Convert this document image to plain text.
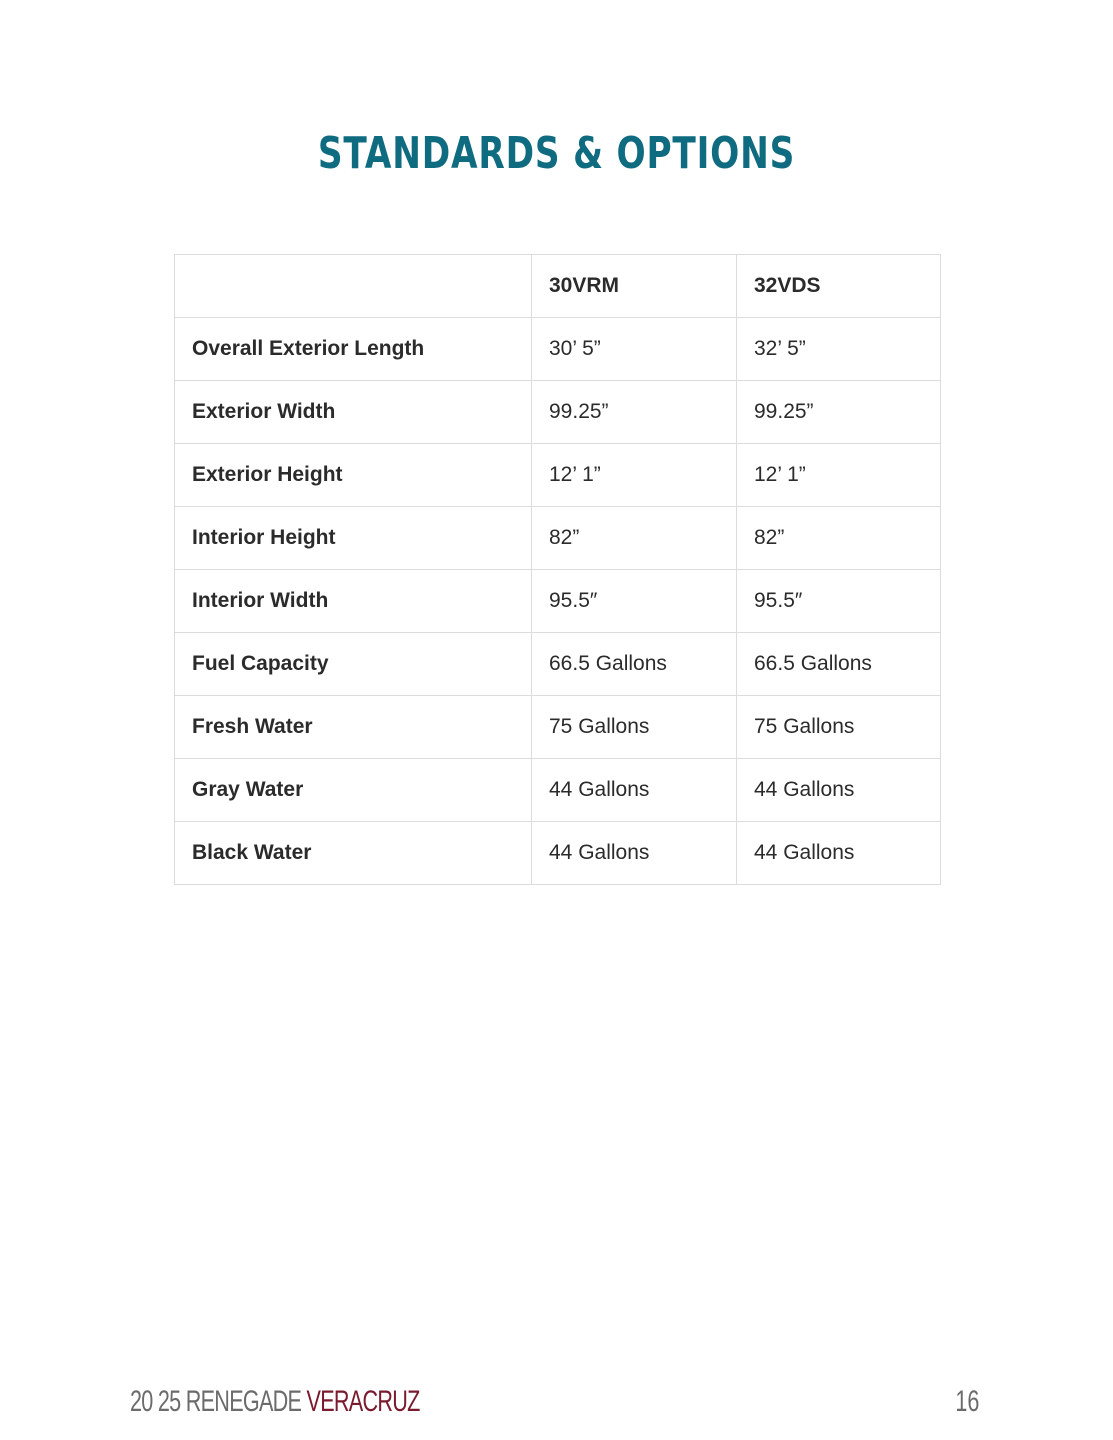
STANDARDS & OPTIONS
	30VRM	32VDS
Overall Exterior Length	30’ 5”	32’ 5”
Exterior Width	99.25”	99.25”
Exterior Height	12’ 1”	12’ 1”
Interior Height	82”	82”
Interior Width	95.5″	95.5″
Fuel Capacity	66.5 Gallons	66.5 Gallons
Fresh Water	75 Gallons	75 Gallons
Gray Water	44 Gallons	44 Gallons
Black Water	44 Gallons	44 Gallons
20 25 RENEGADE VERACRUZ	16
